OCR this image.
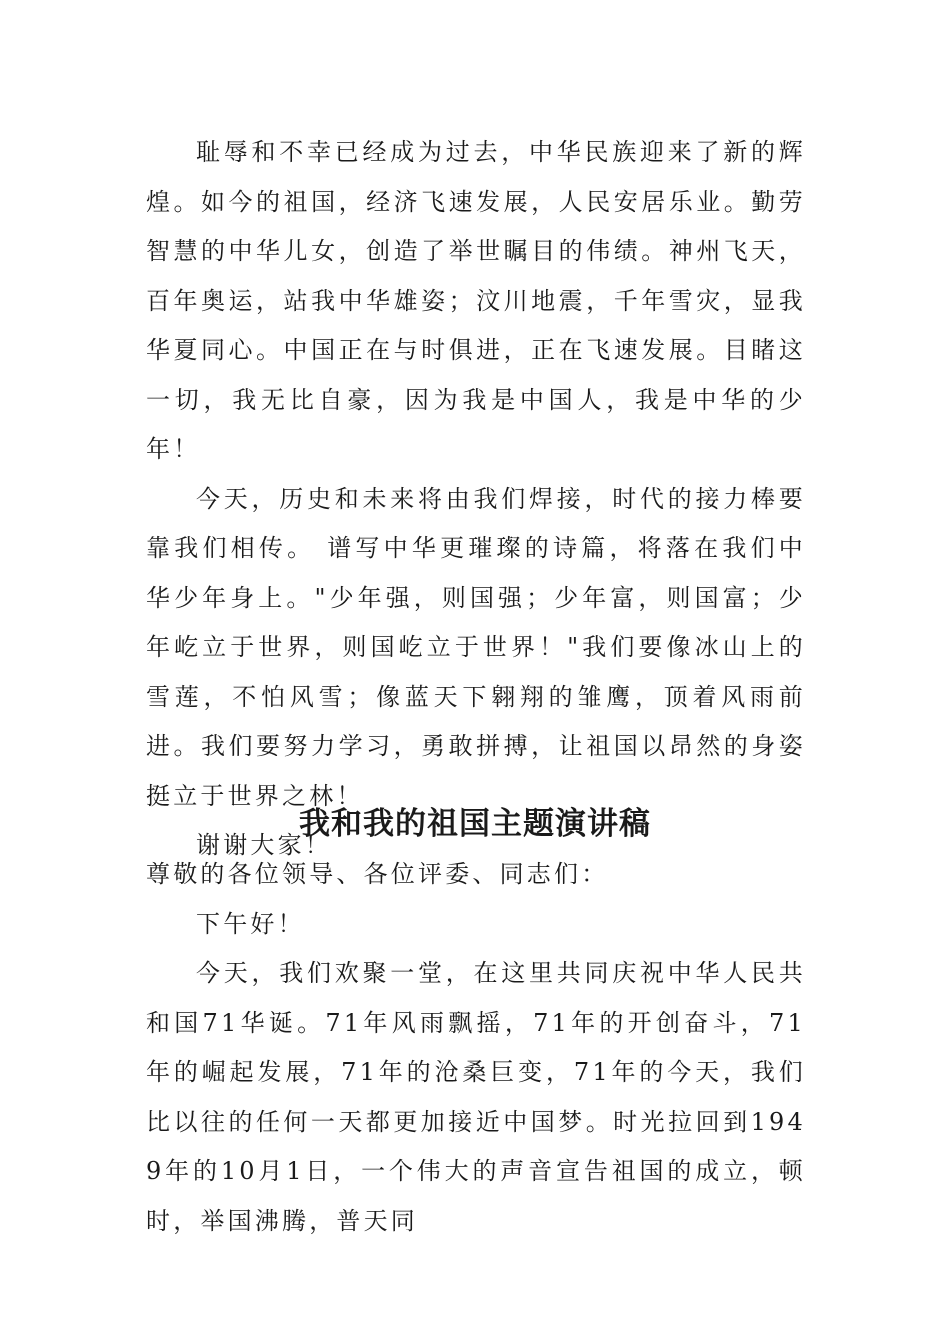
耻辱和不幸已经成为过去，中华民族迎来了新的辉煌。如今的祖国，经济飞速发展，人民安居乐业。勤劳智慧的中华儿女，创造了举世瞩目的伟绩。神州飞天，百年奥运，站我中华雄姿；汶川地震，千年雪灾，显我华夏同心。中国正在与时俱进，正在飞速发展。目睹这一切，我无比自豪，因为我是中国人，我是中华的少年！

今天，历史和未来将由我们焊接，时代的接力棒要靠我们相传。 谱写中华更璀璨的诗篇，将落在我们中华少年身上。"少年强，则国强；少年富，则国富；少年屹立于世界，则国屹立于世界！"我们要像冰山上的雪莲，不怕风雪；像蓝天下翱翔的雏鹰，顶着风雨前进。我们要努力学习，勇敢拼搏，让祖国以昂然的身姿挺立于世界之林！

谢谢大家！

我和我的祖国主题演讲稿

尊敬的各位领导、各位评委、同志们：

下午好！

今天，我们欢聚一堂，在这里共同庆祝中华人民共和国71华诞。71年风雨飘摇，71年的开创奋斗，71年的崛起发展，71年的沧桑巨变，71年的今天，我们比以往的任何一天都更加接近中国梦。时光拉回到1949年的10月1日，一个伟大的声音宣告祖国的成立，顿时，举国沸腾，普天同
